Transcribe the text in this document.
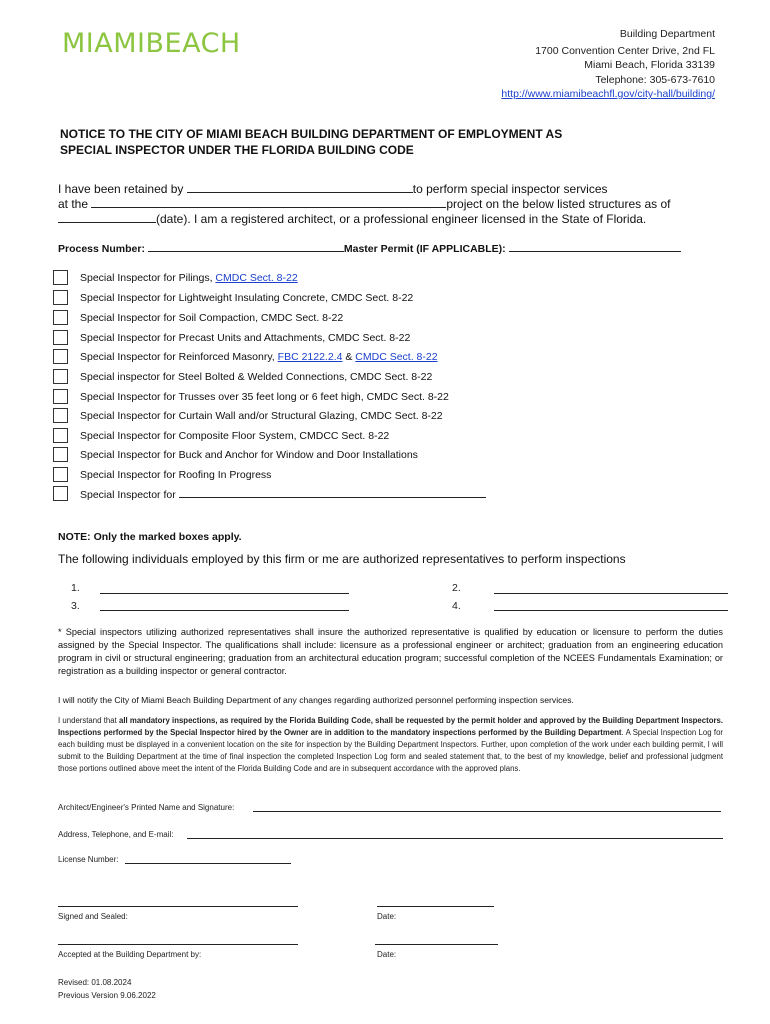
MIAMIBEACH	Building Department
1700 Convention Center Drive, 2nd FL
Miami Beach, Florida 33139
Telephone: 305-673-7610
http://www.miamibeachfl.gov/city-hall/building/
NOTICE TO THE CITY OF MIAMI BEACH BUILDING DEPARTMENT OF EMPLOYMENT AS
SPECIAL INSPECTOR UNDER THE FLORIDA BUILDING CODE
I have been retained by	to perform special inspector services
at the	project on the below listed structures as of
(date). I am a registered architect, or a professional engineer licensed in the State of Florida.
Process Number:	Master Permit (IF APPLICABLE):
Special Inspector for Pilings, CMDC Sect. 8-22
Special Inspector for Lightweight Insulating Concrete, CMDC Sect. 8-22
Special Inspector for Soil Compaction, CMDC Sect. 8-22
Special Inspector for Precast Units and Attachments, CMDC Sect. 8-22
Special Inspector for Reinforced Masonry, FBC 2122.2.4 & CMDC Sect. 8-22
Special inspector for Steel Bolted & Welded Connections, CMDC Sect. 8-22
Special Inspector for Trusses over 35 feet long or 6 feet high, CMDC Sect. 8-22
Special Inspector for Curtain Wall and/or Structural Glazing, CMDC Sect. 8-22
Special Inspector for Composite Floor System, CMDCC Sect. 8-22
Special Inspector for Buck and Anchor for Window and Door Installations
Special Inspector for Roofing In Progress
Special Inspector for
NOTE: Only the marked boxes apply.
The following individuals employed by this firm or me are authorized representatives to perform inspections
1.	2.
3.	4.
* Special inspectors utilizing authorized representatives shall insure the authorized representative is qualified by education or licensure to perform the duties assigned by the Special Inspector. The qualifications shall include: licensure as a professional engineer or architect; graduation from an engineering education program in civil or structural engineering; graduation from an architectural education program; successful completion of the NCEES Fundamentals Examination; or registration as a building inspector or general contractor.
I will notify the City of Miami Beach Building Department of any changes regarding authorized personnel performing inspection services.
I understand that all mandatory inspections, as required by the Florida Building Code, shall be requested by the permit holder and approved by the Building Department Inspectors. Inspections performed by the Special Inspector hired by the Owner are in addition to the mandatory inspections performed by the Building Department. A Special Inspection Log for each building must be displayed in a convenient location on the site for inspection by the Building Department Inspectors. Further, upon completion of the work under each building permit, I will submit to the Building Department at the time of final inspection the completed Inspection Log form and sealed statement that, to the best of my knowledge, belief and professional judgment those portions outlined above meet the intent of the Florida Building Code and are in subsequent accordance with the approved plans.
Architect/Engineer's Printed Name and Signature:
Address, Telephone, and E-mail:
License Number:
Signed and Sealed:	Date:
Accepted at the Building Department by:	Date:
Revised: 01.08.2024
Previous Version 9.06.2022
